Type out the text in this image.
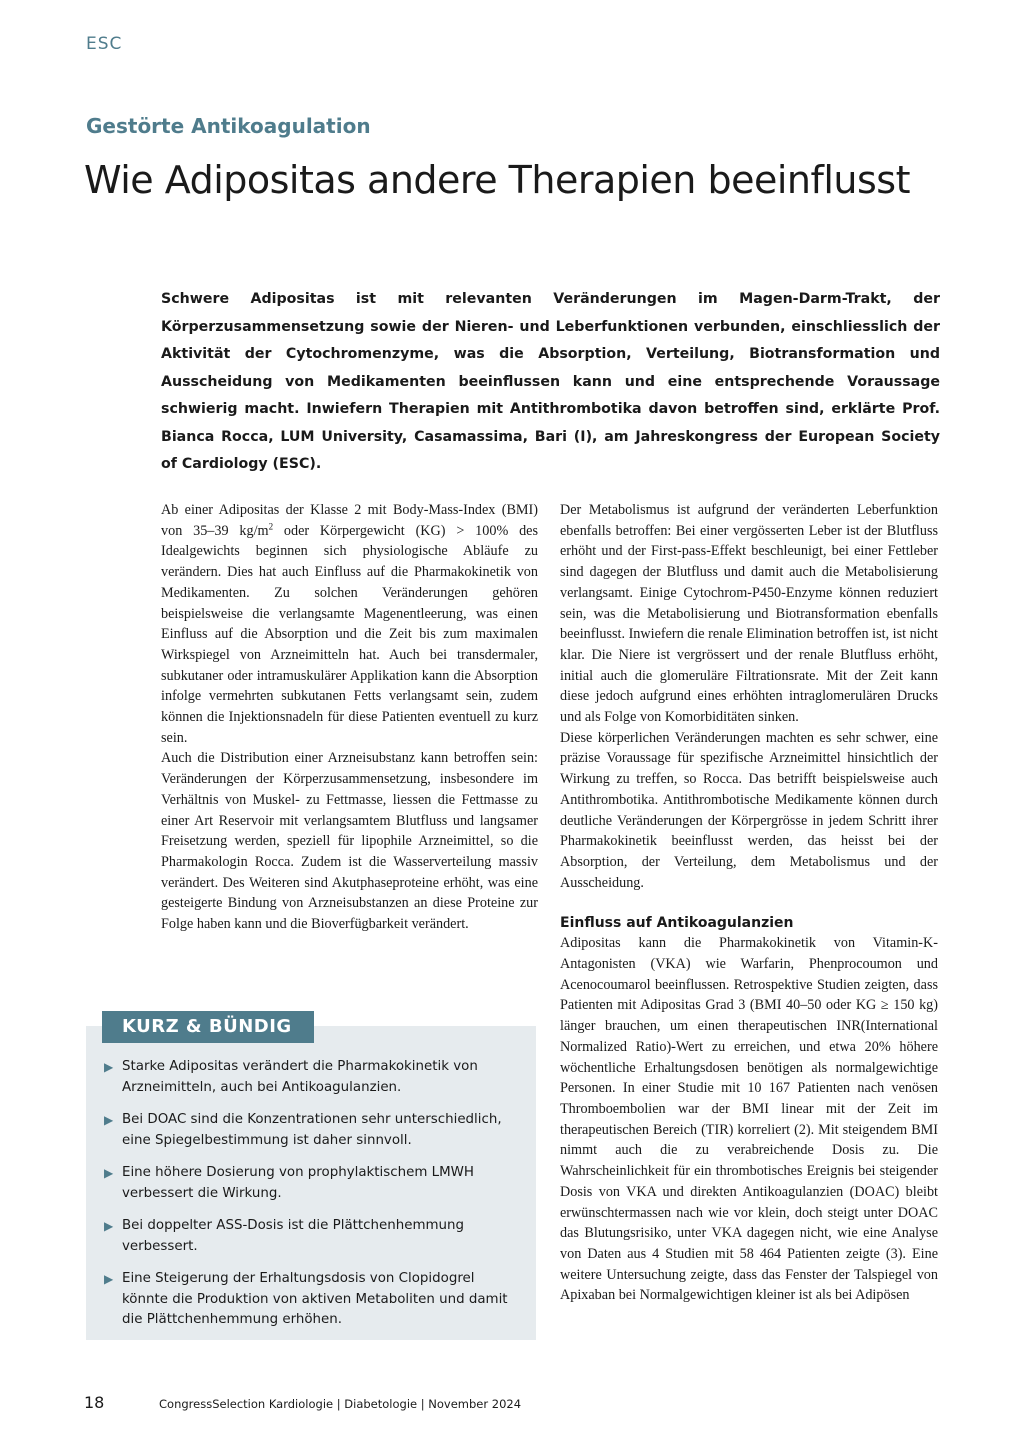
ESC
Gestörte Antikoagulation
Wie Adipositas andere Therapien beeinflusst

Schwere Adipositas ist mit relevanten Veränderungen im Magen-Darm-Trakt, der Körperzusammensetzung sowie der Nieren- und Leberfunktionen verbunden, einschliesslich der Aktivität der Cytochromenzyme, was die Absorption, Verteilung, Biotransformation und Ausscheidung von Medikamenten beeinflussen kann und eine entsprechende Voraussage schwierig macht. Inwiefern Therapien mit Antithrombotika davon betroffen sind, erklärte Prof. Bianca Rocca, LUM University, Casamassima, Bari (I), am Jahreskongress der European Society of Cardiology (ESC).

Ab einer Adipositas der Klasse 2 mit Body-Mass-Index (BMI) von 35–39 $kg/m^2$ oder Körpergewicht (KG) > 100% des Idealgewichts beginnen sich physiologische Abläufe zu verändern. Dies hat auch Einfluss auf die Pharmakokinetik von Medikamenten. Zu solchen Veränderungen gehören beispielsweise die verlangsamte Magenentleerung, was einen Einfluss auf die Absorption und die Zeit bis zum maximalen Wirkspiegel von Arzneimitteln hat. Auch bei transdermaler, subkutaner oder intramuskulärer Applikation kann die Absorption infolge vermehrten subkutanen Fetts verlangsamt sein, zudem können die Injektionsnadeln für diese Patienten eventuell zu kurz sein.

Auch die Distribution einer Arzneisubstanz kann betroffen sein: Veränderungen der Körperzusammensetzung, insbesondere im Verhältnis von Muskel- zu Fettmasse, liessen die Fettmasse zu einer Art Reservoir mit verlangsamtem Blutfluss und langsamer Freisetzung werden, speziell für lipophile Arzneimittel, so die Pharmakologin Rocca. Zudem ist die Wasserverteilung massiv verändert. Des Weiteren sind Akutphaseproteine erhöht, was eine gesteigerte Bindung von Arzneisubstanzen an diese Proteine zur Folge haben kann und die Bioverfügbarkeit verändert.

Der Metabolismus ist aufgrund der veränderten Leberfunktion ebenfalls betroffen: Bei einer vergösserten Leber ist der Blutfluss erhöht und der First-pass-Effekt beschleunigt, bei einer Fettleber sind dagegen der Blutfluss und damit auch die Metabolisierung verlangsamt. Einige Cytochrom-P450-Enzyme können reduziert sein, was die Metabolisierung und Biotransformation ebenfalls beeinflusst. Inwiefern die renale Elimination betroffen ist, ist nicht klar. Die Niere ist vergrössert und der renale Blutfluss erhöht, initial auch die glomeruläre Filtrationsrate. Mit der Zeit kann diese jedoch aufgrund eines erhöhten intraglomerulären Drucks und als Folge von Komorbiditäten sinken.

Diese körperlichen Veränderungen machten es sehr schwer, eine präzise Voraussage für spezifische Arzneimittel hinsichtlich der Wirkung zu treffen, so Rocca. Das betrifft beispielsweise auch Antithrombotika. Antithrombotische Medikamente können durch deutliche Veränderungen der Körpergrösse in jedem Schritt ihrer Pharmakokinetik beeinflusst werden, das heisst bei der Absorption, der Verteilung, dem Metabolismus und der Ausscheidung.

Einfluss auf Antikoagulanzien

Adipositas kann die Pharmakokinetik von Vitamin-K-Antagonisten (VKA) wie Warfarin, Phenprocoumon und Acenocoumarol beeinflussen. Retrospektive Studien zeigten, dass Patienten mit Adipositas Grad 3 (BMI 40–50 oder KG ≥ 150 kg) länger brauchen, um einen therapeutischen INR(International Normalized Ratio)-Wert zu erreichen, und etwa 20% höhere wöchentliche Erhaltungsdosen benötigen als normalgewichtige Personen. In einer Studie mit 10 167 Patienten nach venösen Thromboembolien war der BMI linear mit der Zeit im therapeutischen Bereich (TIR) korreliert (2). Mit steigendem BMI nimmt auch die zu verabreichende Dosis zu. Die Wahrscheinlichkeit für ein thrombotisches Ereignis bei steigender Dosis von VKA und direkten Antikoagulanzien (DOAC) bleibt erwünschtermassen nach wie vor klein, doch steigt unter DOAC das Blutungsrisiko, unter VKA dagegen nicht, wie eine Analyse von Daten aus 4 Studien mit 58 464 Patienten zeigte (3). Eine weitere Untersuchung zeigte, dass das Fenster der Talspiegel von Apixaban bei Normalgewichtigen kleiner ist als bei Adipösen

KURZ & BÜNDIG
▶ Starke Adipositas verändert die Pharmakokinetik von Arzneimitteln, auch bei Antikoagulanzien.
▶ Bei DOAC sind die Konzentrationen sehr unterschiedlich, eine Spiegelbestimmung ist daher sinnvoll.
▶ Eine höhere Dosierung von prophylaktischem LMWH verbessert die Wirkung.
▶ Bei doppelter ASS-Dosis ist die Plättchenhemmung verbessert.
▶ Eine Steigerung der Erhaltungsdosis von Clopidogrel könnte die Produktion von aktiven Metaboliten und damit die Plättchenhemmung erhöhen.
18	CongressSelection Kardiologie | Diabetologie | November 2024
